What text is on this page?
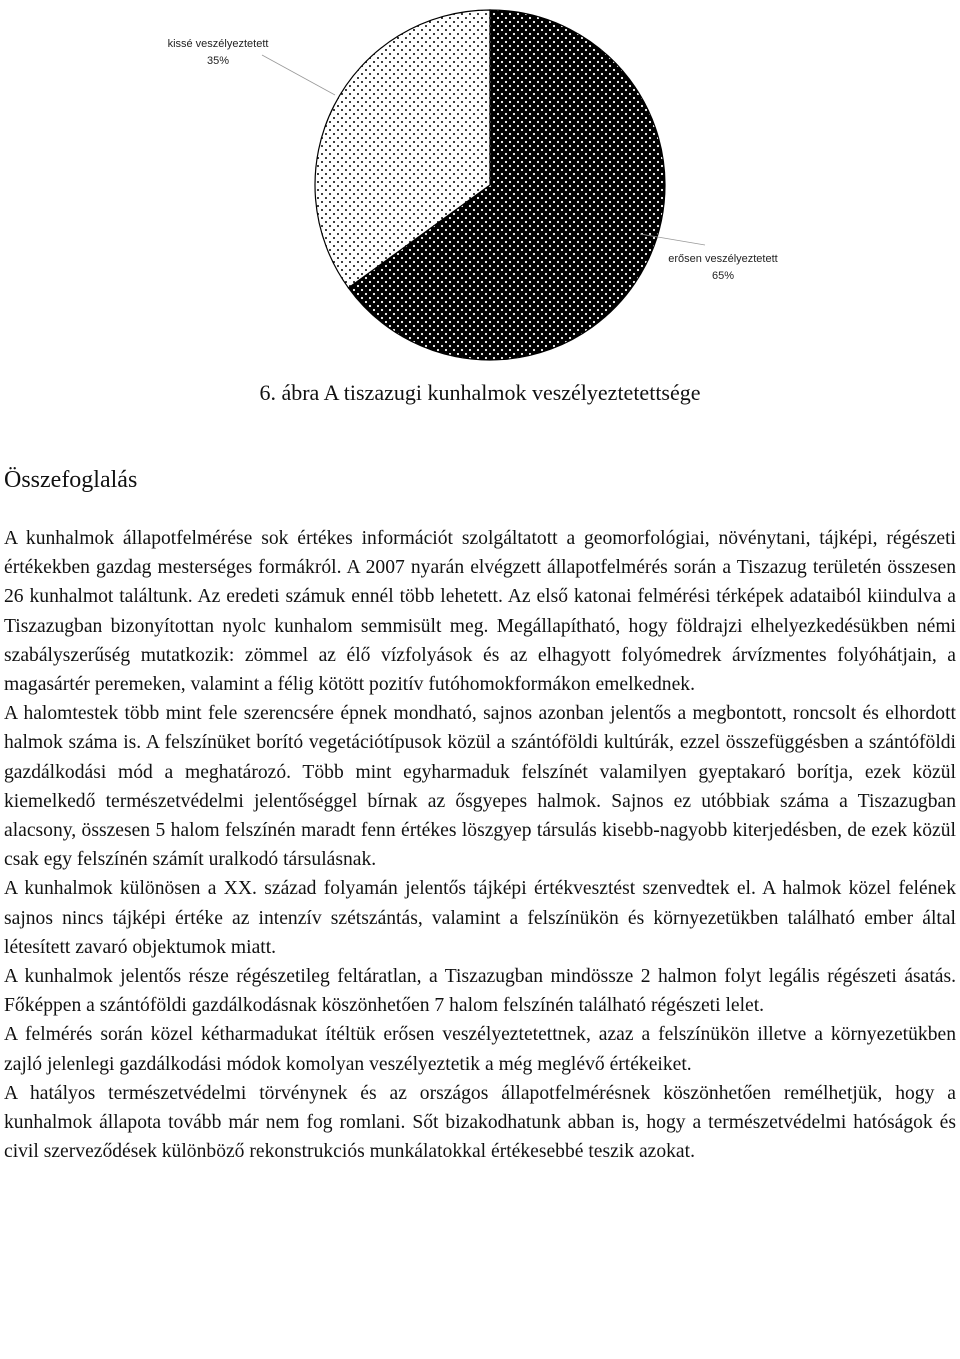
erősen veszélyeztetett
65%
kissé veszélyeztetett
35%
6. ábra A tiszazugi kunhalmok veszélyeztetettsége
Összefoglalás

A kunhalmok állapotfelmérése sok értékes információt szolgáltatott a geomorfológiai, növénytani, tájképi, régészeti értékekben gazdag mesterséges formákról. A 2007 nyarán elvégzett állapotfelmérés során a Tiszazug területén összesen 26 kunhalmot találtunk. Az eredeti számuk ennél több lehetett. Az első katonai felmérési térképek adataiból kiindulva a Tiszazugban bizonyítottan nyolc kunhalom semmisült meg. Megállapítható, hogy földrajzi elhelyezkedésükben némi szabályszerűség mutatkozik: zömmel az élő vízfolyások és az elhagyott folyómedrek árvízmentes folyóhátjain, a magasártér peremeken, valamint a félig kötött pozitív futóhomokformákon emelkednek.

A halomtestek több mint fele szerencsére épnek mondható, sajnos azonban jelentős a megbontott, roncsolt és elhordott halmok száma is. A felszínüket borító vegetációtípusok közül a szántóföldi kultúrák, ezzel összefüggésben a szántóföldi gazdálkodási mód a meghatározó. Több mint egyharmaduk felszínét valamilyen gyeptakaró borítja, ezek közül kiemelkedő természetvédelmi jelentőséggel bírnak az ősgyepes halmok. Sajnos ez utóbbiak száma a Tiszazugban alacsony, összesen 5 halom felszínén maradt fenn értékes löszgyep társulás kisebb-nagyobb kiterjedésben, de ezek közül csak egy felszínén számít uralkodó társulásnak.

A kunhalmok különösen a XX. század folyamán jelentős tájképi értékvesztést szenvedtek el. A halmok közel felének sajnos nincs tájképi értéke az intenzív szétszántás, valamint a felszínükön és környezetükben található ember által létesített zavaró objektumok miatt.

A kunhalmok jelentős része régészetileg feltáratlan, a Tiszazugban mindössze 2 halmon folyt legális régészeti ásatás. Főképpen a szántóföldi gazdálkodásnak köszönhetően 7 halom felszínén található régészeti lelet.

A felmérés során közel kétharmadukat ítéltük erősen veszélyeztetettnek, azaz a felszínükön illetve a környezetükben zajló jelenlegi gazdálkodási módok komolyan veszélyeztetik a még meglévő értékeiket.

A hatályos természetvédelmi törvénynek és az országos állapotfelmérésnek köszönhetően remélhetjük, hogy a kunhalmok állapota tovább már nem fog romlani. Sőt bizakodhatunk abban is, hogy a természetvédelmi hatóságok és civil szerveződések különböző rekonstrukciós munkálatokkal értékesebbé teszik azokat.
